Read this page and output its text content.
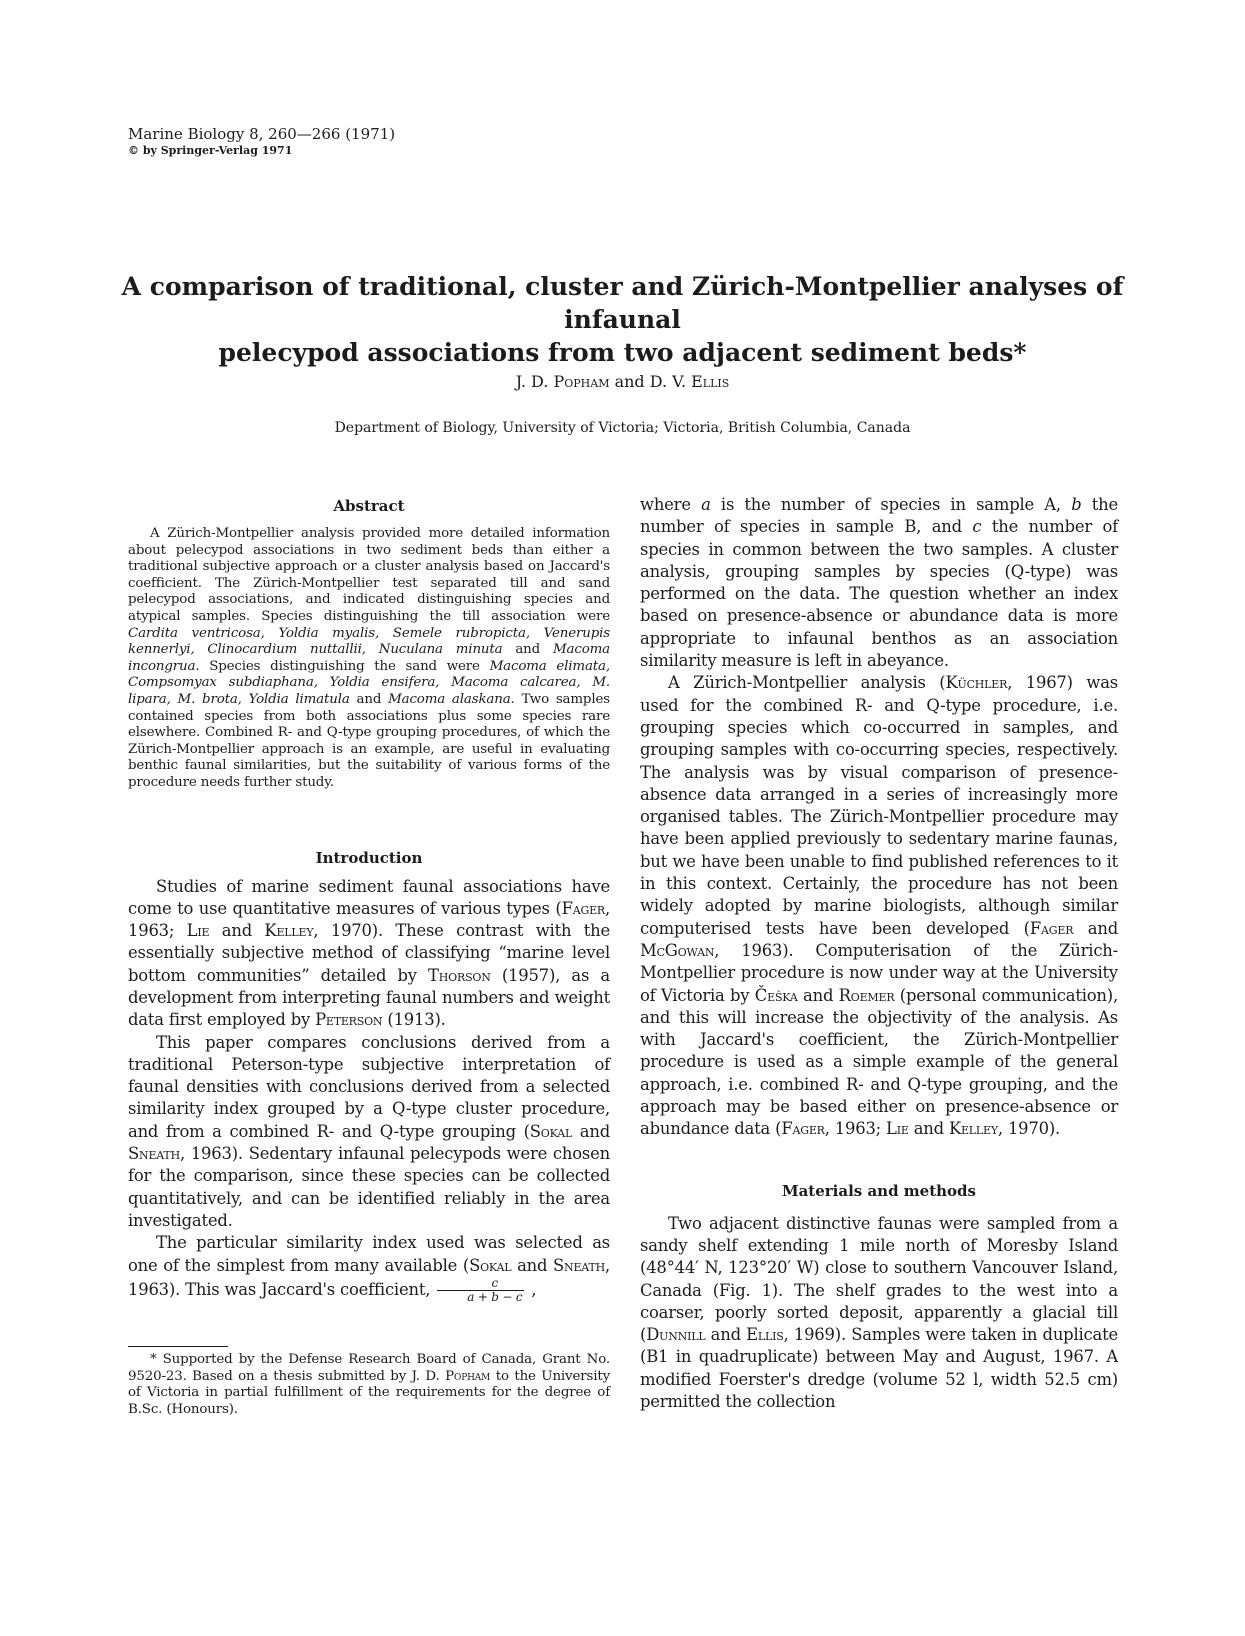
Marine Biology 8, 260—266 (1971)
© by Springer-Verlag 1971
A comparison of traditional, cluster and Zürich-Montpellier analyses of infaunal
pelecypod associations from two adjacent sediment beds*
J. D. Popham and D. V. Ellis
Department of Biology, University of Victoria; Victoria, British Columbia, Canada
Abstract

A Zürich-Montpellier analysis provided more detailed information about pelecypod associations in two sediment beds than either a traditional subjective approach or a cluster analysis based on Jaccard's coefficient. The Zürich-Montpellier test separated till and sand pelecypod associations, and indicated distinguishing species and atypical samples. Species distinguishing the till association were Cardita ventricosa, Yoldia myalis, Semele rubropicta, Venerupis kennerlyi, Clinocardium nuttallii, Nuculana minuta and Macoma incongrua. Species distinguishing the sand were Macoma elimata, Compsomyax subdiaphana, Yoldia ensifera, Macoma calcarea, M. lipara, M. brota, Yoldia limatula and Macoma alaskana. Two samples contained species from both associations plus some species rare elsewhere. Combined R- and Q-type grouping procedures, of which the Zürich-Montpellier approach is an example, are useful in evaluating benthic faunal similarities, but the suitability of various forms of the procedure needs further study.

Introduction

Studies of marine sediment faunal associations have come to use quantitative measures of various types (Fager, 1963; Lie and Kelley, 1970). These contrast with the essentially subjective method of classifying “marine level bottom communities” detailed by Thorson (1957), as a development from interpreting faunal numbers and weight data first employed by Peterson (1913).

This paper compares conclusions derived from a traditional Peterson-type subjective interpretation of faunal densities with conclusions derived from a selected similarity index grouped by a Q-type cluster procedure, and from a combined R- and Q-type grouping (Sokal and Sneath, 1963). Sedentary infaunal pelecypods were chosen for the comparison, since these species can be collected quantitatively, and can be identified reliably in the area investigated.

The particular similarity index used was selected as one of the simplest from many available (Sokal and Sneath, 1963). This was Jaccard's coefficient, $\frac{c}{a + b - c}$ ,

* Supported by the Defense Research Board of Canada, Grant No. 9520-23. Based on a thesis submitted by J. D. Popham to the University of Victoria in partial fulfillment of the requirements for the degree of B.Sc. (Honours).

where a is the number of species in sample A, b the number of species in sample B, and c the number of species in common between the two samples. A cluster analysis, grouping samples by species (Q-type) was performed on the data. The question whether an index based on presence-absence or abundance data is more appropriate to infaunal benthos as an association similarity measure is left in abeyance.

A Zürich-Montpellier analysis (Küchler, 1967) was used for the combined R- and Q-type procedure, i.e. grouping species which co-occurred in samples, and grouping samples with co-occurring species, respectively. The analysis was by visual comparison of presence-absence data arranged in a series of increasingly more organised tables. The Zürich-Montpellier procedure may have been applied previously to sedentary marine faunas, but we have been unable to find published references to it in this context. Certainly, the procedure has not been widely adopted by marine biologists, although similar computerised tests have been developed (Fager and McGowan, 1963). Computerisation of the Zürich-Montpellier procedure is now under way at the University of Victoria by Češka and Roemer (personal communication), and this will increase the objectivity of the analysis. As with Jaccard's coefficient, the Zürich-Montpellier procedure is used as a simple example of the general approach, i.e. combined R- and Q-type grouping, and the approach may be based either on presence-absence or abundance data (Fager, 1963; Lie and Kelley, 1970).

Materials and methods

Two adjacent distinctive faunas were sampled from a sandy shelf extending 1 mile north of Moresby Island (48°44′ N, 123°20′ W) close to southern Vancouver Island, Canada (Fig. 1). The shelf grades to the west into a coarser, poorly sorted deposit, apparently a glacial till (Dunnill and Ellis, 1969). Samples were taken in duplicate (B1 in quadruplicate) between May and August, 1967. A modified Foerster's dredge (volume 52 l, width 52.5 cm) permitted the collection
